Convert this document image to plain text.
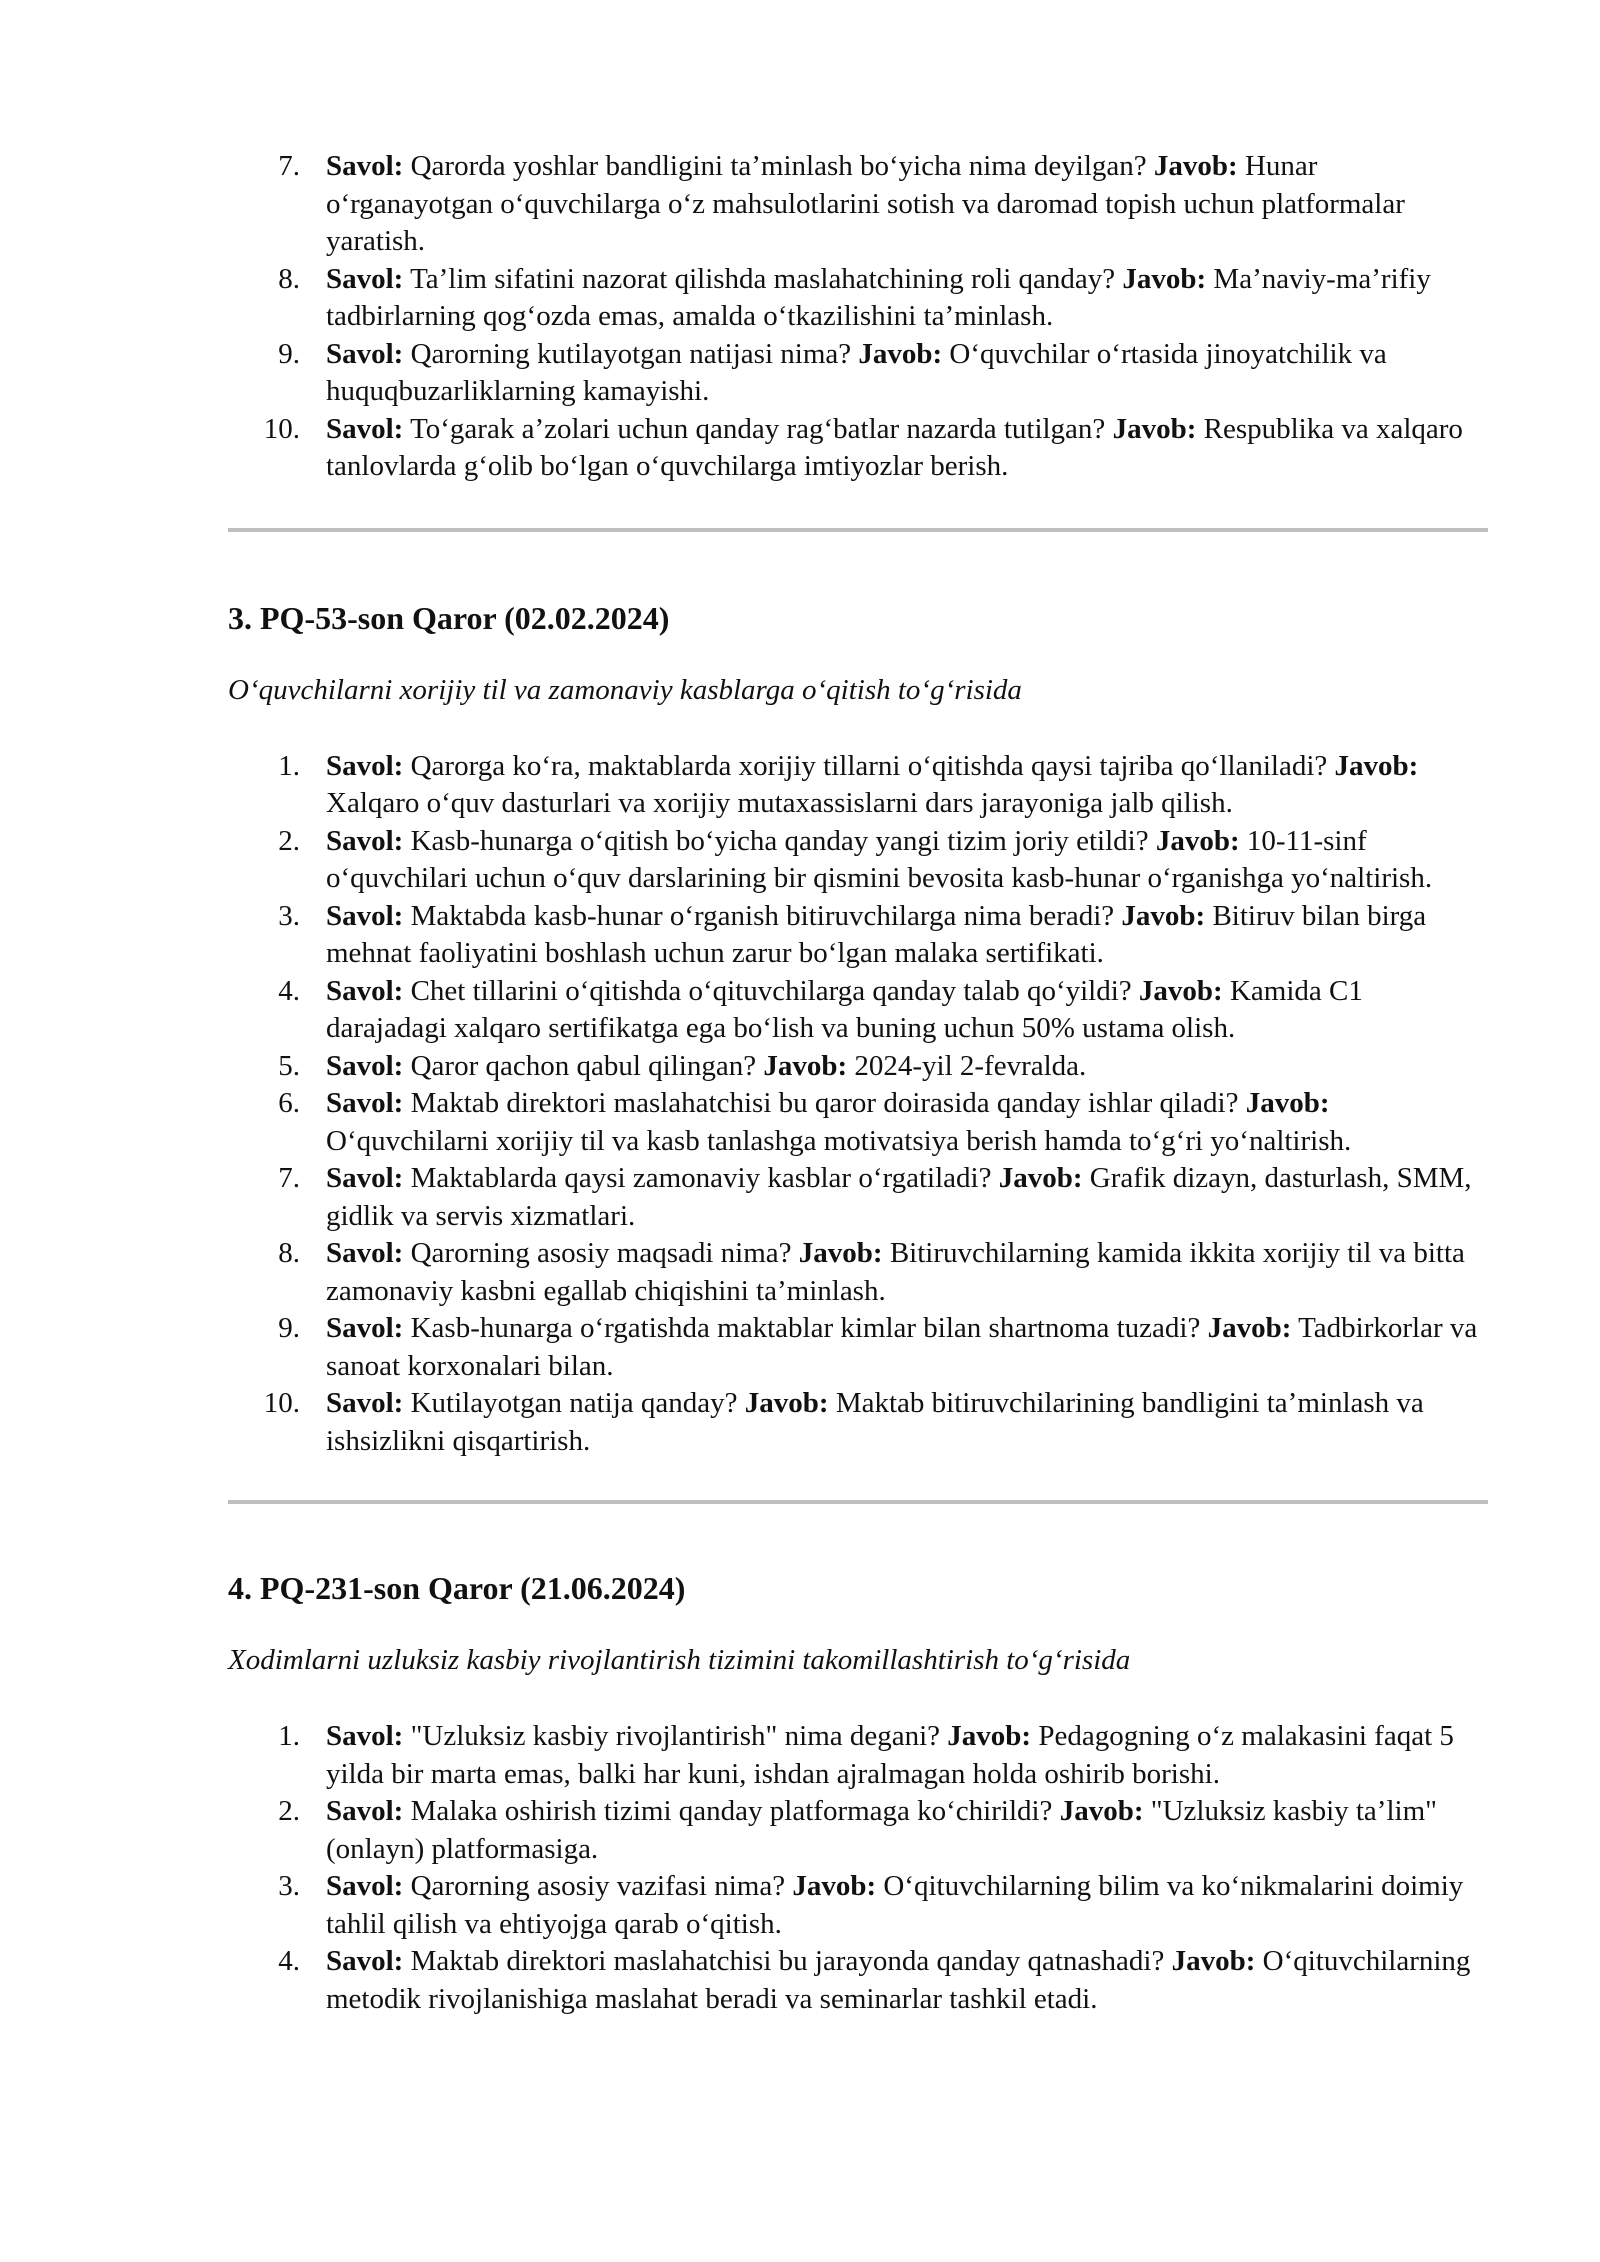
7. Savol: Qarorda yoshlar bandligini ta’minlash bo‘yicha nima deyilgan? Javob: Hunar o‘rganayotgan o‘quvchilarga o‘z mahsulotlarini sotish va daromad topish uchun platformalar yaratish.
8. Savol: Ta’lim sifatini nazorat qilishda maslahatchining roli qanday? Javob: Ma’naviy-ma’rifiy tadbirlarning qog‘ozda emas, amalda o‘tkazilishini ta’minlash.
9. Savol: Qarorning kutilayotgan natijasi nima? Javob: O‘quvchilar o‘rtasida jinoyatchilik va huquqbuzarliklarning kamayishi.
10. Savol: To‘garak a’zolari uchun qanday rag‘batlar nazarda tutilgan? Javob: Respublika va xalqaro tanlovlarda g‘olib bo‘lgan o‘quvchilarga imtiyozlar berish.
3. PQ-53-son Qaror (02.02.2024)

O‘quvchilarni xorijiy til va zamonaviy kasblarga o‘qitish to‘g‘risida

1. Savol: Qarorga ko‘ra, maktablarda xorijiy tillarni o‘qitishda qaysi tajriba qo‘llaniladi? Javob: Xalqaro o‘quv dasturlari va xorijiy mutaxassislarni dars jarayoniga jalb qilish.
2. Savol: Kasb-hunarga o‘qitish bo‘yicha qanday yangi tizim joriy etildi? Javob: 10-11-sinf o‘quvchilari uchun o‘quv darslarining bir qismini bevosita kasb-hunar o‘rganishga yo‘naltirish.
3. Savol: Maktabda kasb-hunar o‘rganish bitiruvchilarga nima beradi? Javob: Bitiruv bilan birga mehnat faoliyatini boshlash uchun zarur bo‘lgan malaka sertifikati.
4. Savol: Chet tillarini o‘qitishda o‘qituvchilarga qanday talab qo‘yildi? Javob: Kamida C1 darajadagi xalqaro sertifikatga ega bo‘lish va buning uchun 50% ustama olish.
5. Savol: Qaror qachon qabul qilingan? Javob: 2024-yil 2-fevralda.
6. Savol: Maktab direktori maslahatchisi bu qaror doirasida qanday ishlar qiladi? Javob: O‘quvchilarni xorijiy til va kasb tanlashga motivatsiya berish hamda to‘g‘ri yo‘naltirish.
7. Savol: Maktablarda qaysi zamonaviy kasblar o‘rgatiladi? Javob: Grafik dizayn, dasturlash, SMM, gidlik va servis xizmatlari.
8. Savol: Qarorning asosiy maqsadi nima? Javob: Bitiruvchilarning kamida ikkita xorijiy til va bitta zamonaviy kasbni egallab chiqishini ta’minlash.
9. Savol: Kasb-hunarga o‘rgatishda maktablar kimlar bilan shartnoma tuzadi? Javob: Tadbirkorlar va sanoat korxonalari bilan.
10. Savol: Kutilayotgan natija qanday? Javob: Maktab bitiruvchilarining bandligini ta’minlash va ishsizlikni qisqartirish.
4. PQ-231-son Qaror (21.06.2024)

Xodimlarni uzluksiz kasbiy rivojlantirish tizimini takomillashtirish to‘g‘risida

1. Savol: "Uzluksiz kasbiy rivojlantirish" nima degani? Javob: Pedagogning o‘z malakasini faqat 5 yilda bir marta emas, balki har kuni, ishdan ajralmagan holda oshirib borishi.
2. Savol: Malaka oshirish tizimi qanday platformaga ko‘chirildi? Javob: "Uzluksiz kasbiy ta’lim" (onlayn) platformasiga.
3. Savol: Qarorning asosiy vazifasi nima? Javob: O‘qituvchilarning bilim va ko‘nikmalarini doimiy tahlil qilish va ehtiyojga qarab o‘qitish.
4. Savol: Maktab direktori maslahatchisi bu jarayonda qanday qatnashadi? Javob: O‘qituvchilarning metodik rivojlanishiga maslahat beradi va seminarlar tashkil etadi.
